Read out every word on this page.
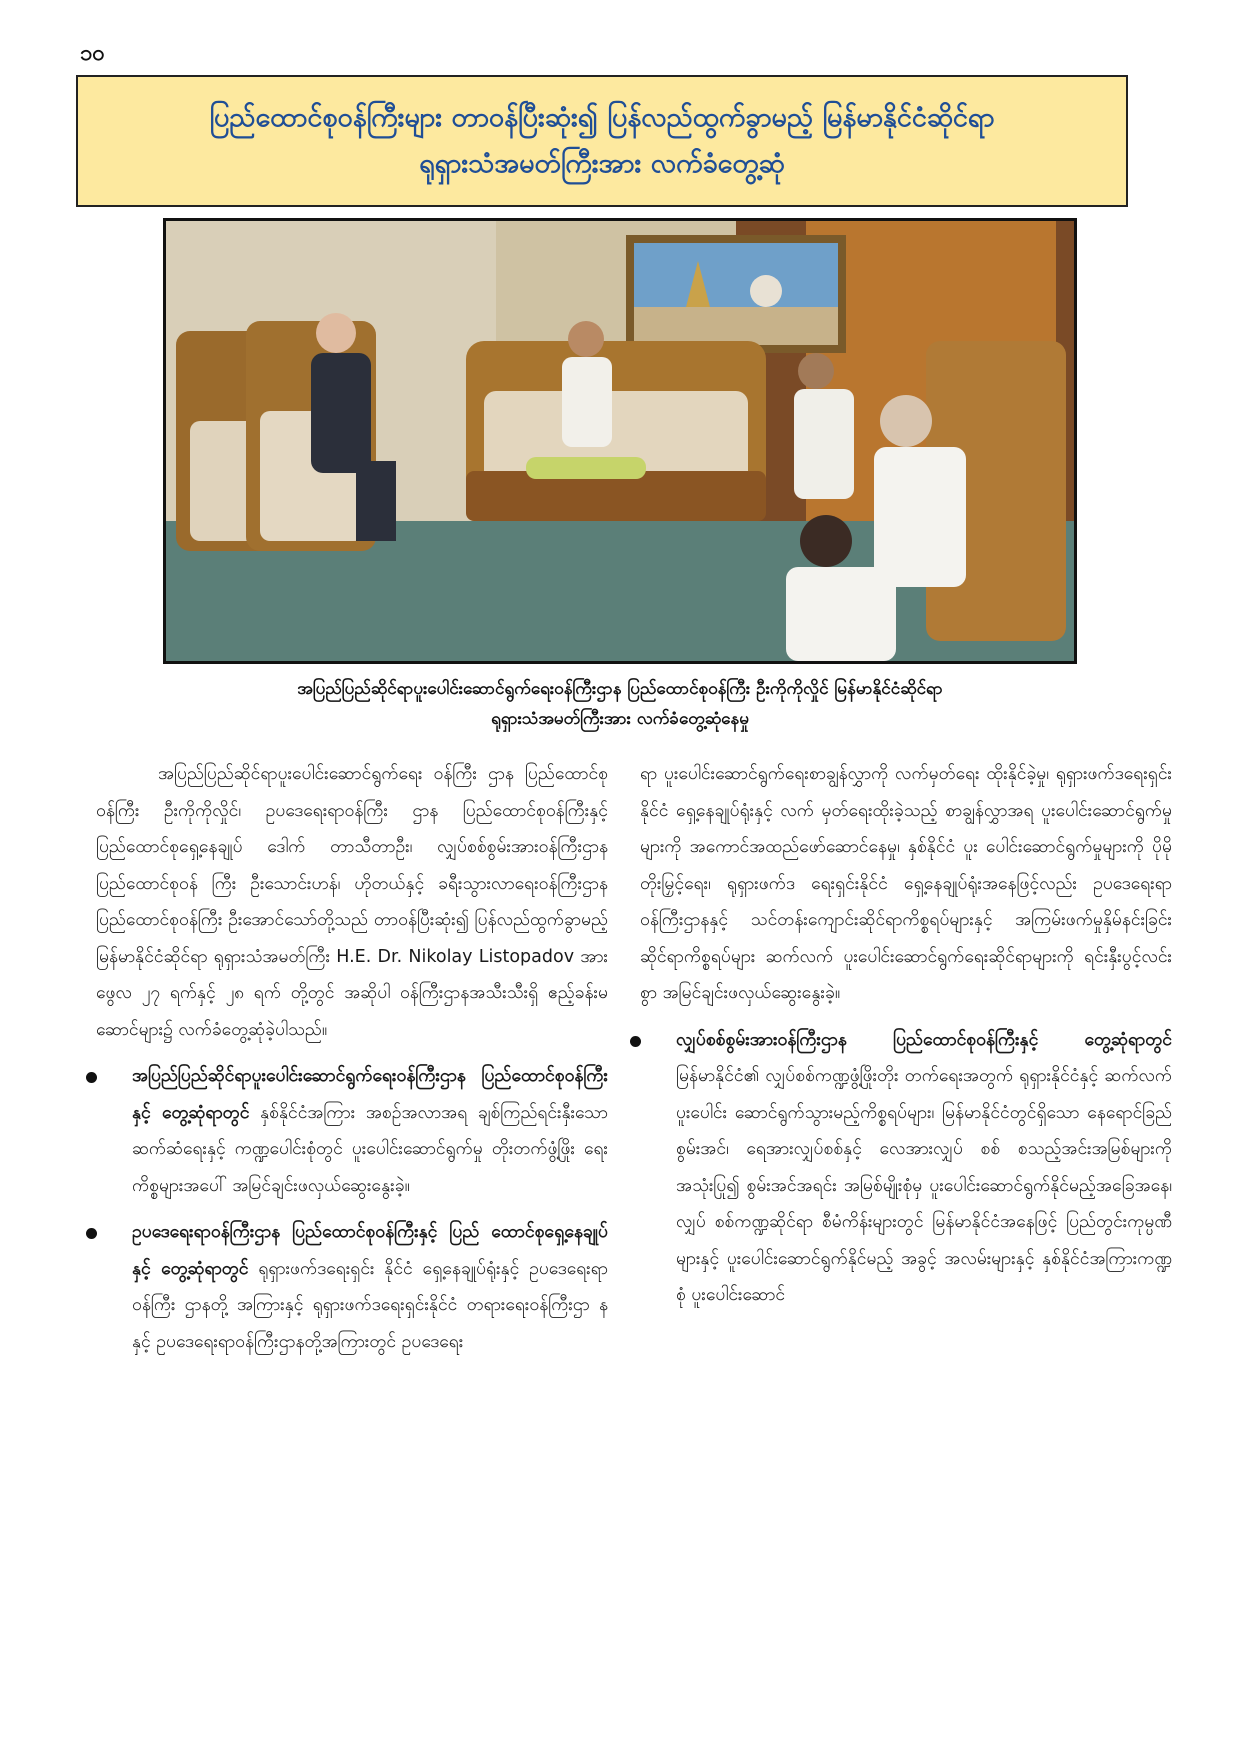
၁၀
ပြည်ထောင်စုဝန်ကြီးများ တာဝန်ပြီးဆုံး၍ ပြန်လည်ထွက်ခွာမည့် မြန်မာနိုင်ငံဆိုင်ရာ
ရုရှားသံအမတ်ကြီးအား လက်ခံတွေ့ဆုံ
အပြည်ပြည်ဆိုင်ရာပူးပေါင်းဆောင်ရွက်ရေးဝန်ကြီးဌာန ပြည်ထောင်စုဝန်ကြီး ဦးကိုကိုလှိုင် မြန်မာနိုင်ငံဆိုင်ရာ
ရုရှားသံအမတ်ကြီးအား လက်ခံတွေ့ဆုံနေမှု

အပြည်ပြည်ဆိုင်ရာပူးပေါင်းဆောင်ရွက်ရေး ဝန်ကြီး ဌာန ပြည်ထောင်စုဝန်ကြီး ဦးကိုကိုလှိုင်၊ ဥပဒေရေးရာဝန်ကြီး ဌာန ပြည်ထောင်စုဝန်ကြီးနှင့် ပြည်ထောင်စုရှေ့နေချုပ် ဒေါက် တာသီတာဦး၊ လျှပ်စစ်စွမ်းအားဝန်ကြီးဌာန ပြည်ထောင်စုဝန် ကြီး ဦးသောင်းဟန်၊ ဟိုတယ်နှင့် ခရီးသွားလာရေးဝန်ကြီးဌာန ပြည်ထောင်စုဝန်ကြီး ဦးအောင်သော်တို့သည် တာဝန်ပြီးဆုံး၍ ပြန်လည်ထွက်ခွာမည့် မြန်မာနိုင်ငံဆိုင်ရာ ရုရှားသံအမတ်ကြီး H.E. Dr. Nikolay Listopadov အား ဖွေလ ၂၇ ရက်နှင့် ၂၈ ရက် တို့တွင် အဆိုပါ ဝန်ကြီးဌာနအသီးသီးရှိ ဧည့်ခန်းမဆောင်များ၌ လက်ခံတွေ့ဆုံခဲ့ပါသည်။

အပြည်ပြည်ဆိုင်ရာပူးပေါင်းဆောင်ရွက်ရေးဝန်ကြီးဌာန ပြည်ထောင်စုဝန်ကြီးနှင့် တွေ့ဆုံရာတွင် နှစ်နိုင်ငံအကြား အစဉ်အလာအရ ချစ်ကြည်ရင်းနှီးသော ဆက်ဆံရေးနှင့် ကဏ္ဍပေါင်းစုံတွင် ပူးပေါင်းဆောင်ရွက်မှု တိုးတက်ဖွံ့ဖြိုး ရေးကိစ္စများအပေါ် အမြင်ချင်းဖလှယ်ဆွေးနွေးခဲ့။
ဥပဒေရေးရာဝန်ကြီးဌာန ပြည်ထောင်စုဝန်ကြီးနှင့် ပြည် ထောင်စုရှေ့နေချုပ်နှင့် တွေ့ဆုံရာတွင် ရုရှားဖက်ဒရေးရှင်း နိုင်ငံ ရှေ့နေချုပ်ရုံးနှင့် ဥပဒေရေးရာဝန်ကြီး ဌာနတို့ အကြားနှင့် ရုရှားဖက်ဒရေးရှင်းနိုင်ငံ တရားရေးဝန်ကြီးဌာ နနှင့် ဥပဒေရေးရာဝန်ကြီးဌာနတို့အကြားတွင် ဥပဒေရေး

ရာ ပူးပေါင်းဆောင်ရွက်ရေးစာချွန်လွှာကို လက်မှတ်ရေး ထိုးနိုင်ခဲ့မှု၊ ရုရှားဖက်ဒရေးရှင်းနိုင်ငံ ရှေ့နေချုပ်ရုံးနှင့် လက် မှတ်ရေးထိုးခဲ့သည့် စာချွန်လွှာအရ ပူးပေါင်းဆောင်ရွက်မှု များကို အကောင်အထည်ဖော်ဆောင်နေမှု၊ နှစ်နိုင်ငံ ပူး ပေါင်းဆောင်ရွက်မှုများကို ပိုမိုတိုးမြှင့်ရေး၊ ရုရှားဖက်ဒ ရေးရှင်းနိုင်ငံ ရှေ့နေချုပ်ရုံးအနေဖြင့်လည်း ဥပဒေရေးရာ ဝန်ကြီးဌာနနှင့် သင်တန်းကျောင်းဆိုင်ရာကိစ္စရပ်များနှင့် အကြမ်းဖက်မှုနှိမ်နင်းခြင်းဆိုင်ရာကိစ္စရပ်များ ဆက်လက် ပူးပေါင်းဆောင်ရွက်ရေးဆိုင်ရာများကို ရင်းနှီးပွင့်လင်းစွာ အမြင်ချင်းဖလှယ်ဆွေးနွေးခဲ့။

လျှပ်စစ်စွမ်းအားဝန်ကြီးဌာန ပြည်ထောင်စုဝန်ကြီးနှင့် တွေ့ဆုံရာတွင် မြန်မာနိုင်ငံ၏ လျှပ်စစ်ကဏ္ဍဖွံ့ဖြိုးတိုး တက်ရေးအတွက် ရုရှားနိုင်ငံနှင့် ဆက်လက်ပူးပေါင်း ဆောင်ရွက်သွားမည့်ကိစ္စရပ်များ၊ မြန်မာနိုင်ငံတွင်ရှိသော နေရောင်ခြည်စွမ်းအင်၊ ရေအားလျှပ်စစ်နှင့် လေအားလျှပ် စစ် စသည့်အင်းအမြစ်များကို အသုံးပြု၍ စွမ်းအင်အရင်း အမြစ်မျိုးစုံမှ ပူးပေါင်းဆောင်ရွက်နိုင်မည့်အခြေအနေ၊ လျှပ် စစ်ကဏ္ဍဆိုင်ရာ စီမံကိန်းများတွင် မြန်မာနိုင်ငံအနေဖြင့် ပြည်တွင်းကုမ္ပဏီများနှင့် ပူးပေါင်းဆောင်ရွက်နိုင်မည့် အခွင့် အလမ်းများနှင့် နှစ်နိုင်ငံအကြားကဏ္ဍစုံ ပူးပေါင်းဆောင်
